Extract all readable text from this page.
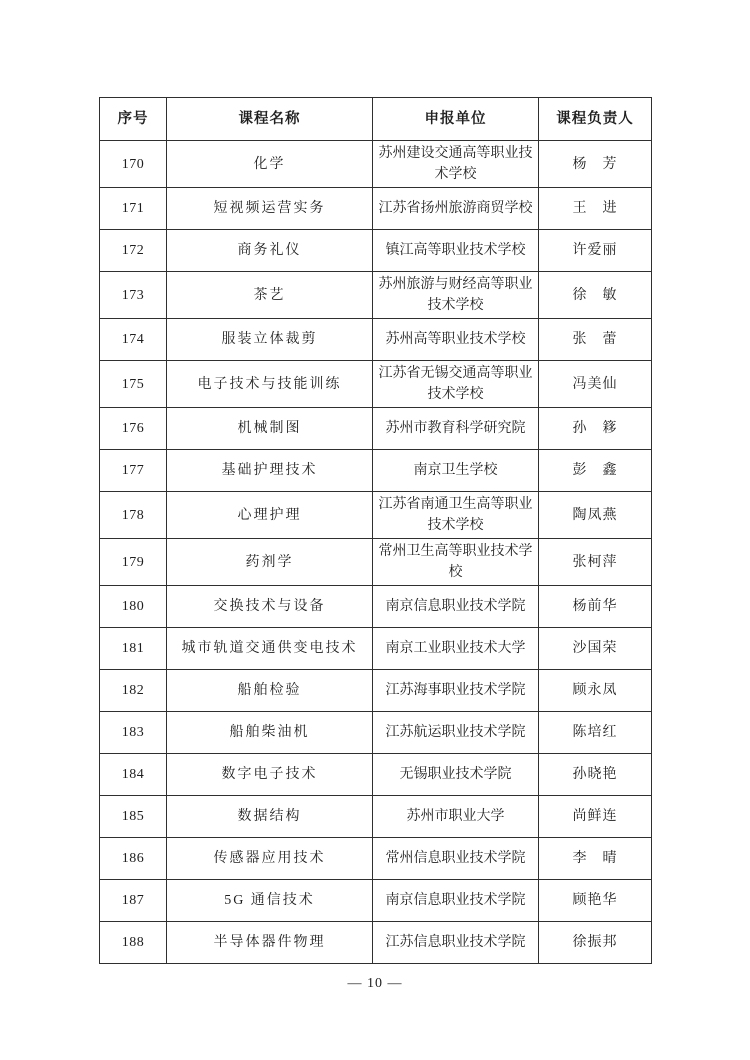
序号	课程名称	申报单位	课程负责人
170	化学	苏州建设交通高等职业技术学校	杨　芳
171	短视频运营实务	江苏省扬州旅游商贸学校	王　进
172	商务礼仪	镇江高等职业技术学校	许爱丽
173	茶艺	苏州旅游与财经高等职业技术学校	徐　敏
174	服装立体裁剪	苏州高等职业技术学校	张　蕾
175	电子技术与技能训练	江苏省无锡交通高等职业技术学校	冯美仙
176	机械制图	苏州市教育科学研究院	孙　簃
177	基础护理技术	南京卫生学校	彭　鑫
178	心理护理	江苏省南通卫生高等职业技术学校	陶凤燕
179	药剂学	常州卫生高等职业技术学校	张柯萍
180	交换技术与设备	南京信息职业技术学院	杨前华
181	城市轨道交通供变电技术	南京工业职业技术大学	沙国荣
182	船舶检验	江苏海事职业技术学院	顾永凤
183	船舶柴油机	江苏航运职业技术学院	陈培红
184	数字电子技术	无锡职业技术学院	孙晓艳
185	数据结构	苏州市职业大学	尚鲜连
186	传感器应用技术	常州信息职业技术学院	李　晴
187	5G 通信技术	南京信息职业技术学院	顾艳华
188	半导体器件物理	江苏信息职业技术学院	徐振邦
— 10 —
